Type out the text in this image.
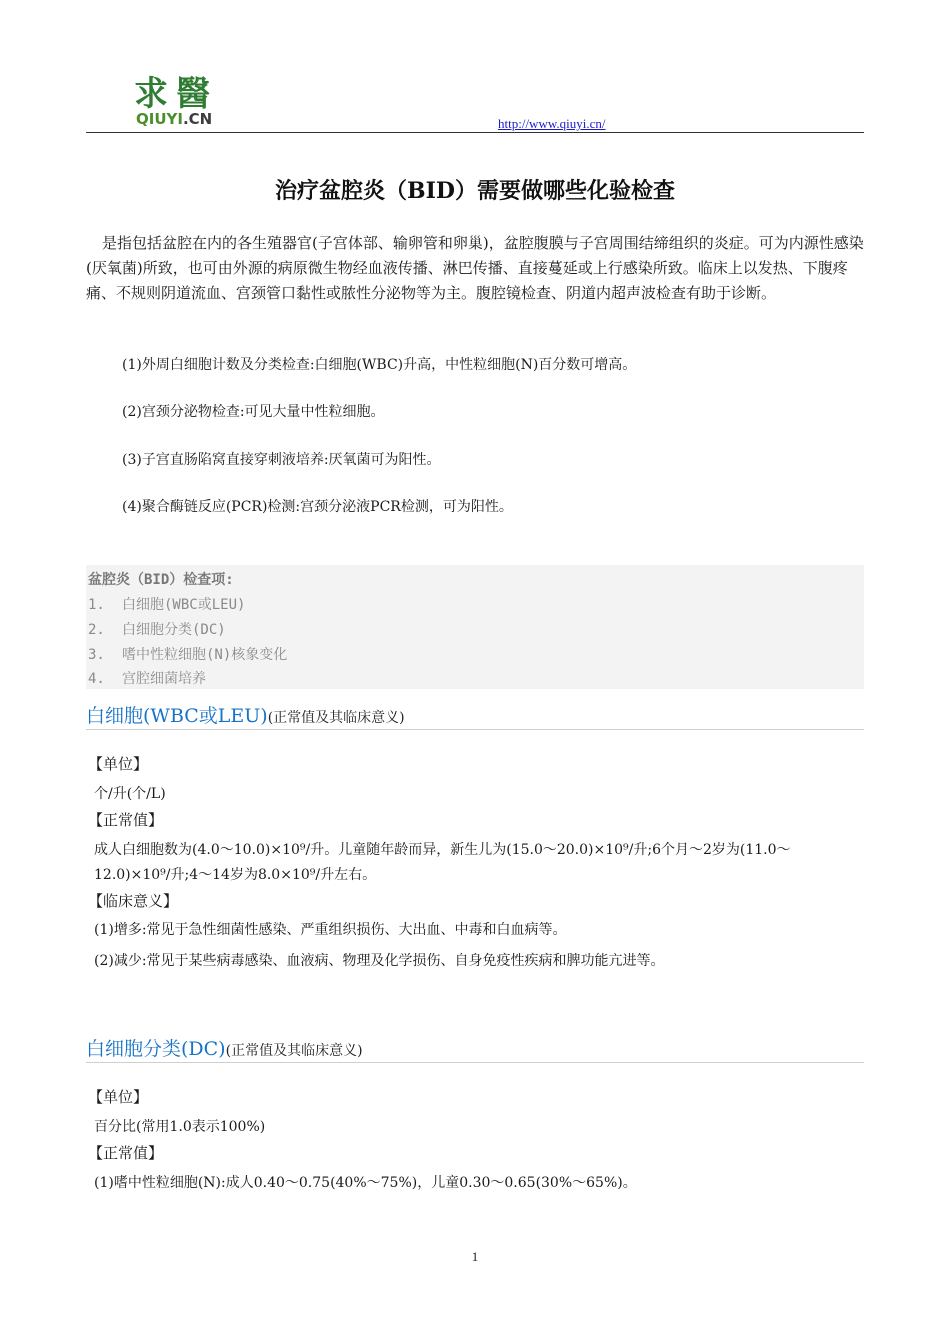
求醫
QIUYI.CN	http://www.qiuyi.cn/
治疗盆腔炎（BID）需要做哪些化验检查
是指包括盆腔在内的各生殖器官(子宫体部、输卵管和卵巢)，盆腔腹膜与子宫周围结缔组织的炎症。可为内源性感染(厌氧菌)所致，也可由外源的病原微生物经血液传播、淋巴传播、直接蔓延或上行感染所致。临床上以发热、下腹疼痛、不规则阴道流血、宫颈管口黏性或脓性分泌物等为主。腹腔镜检查、阴道内超声波检查有助于诊断。
(1)外周白细胞计数及分类检查:白细胞(WBC)升高，中性粒细胞(N)百分数可增高。
(2)宫颈分泌物检查:可见大量中性粒细胞。
(3)子宫直肠陷窝直接穿刺液培养:厌氧菌可为阳性。
(4)聚合酶链反应(PCR)检测:宫颈分泌液PCR检测，可为阳性。
盆腔炎（BID）检查项:
1. 白细胞(WBC或LEU)
2. 白细胞分类(DC)
3. 嗜中性粒细胞(N)核象变化
4. 宫腔细菌培养
白细胞(WBC或LEU)(正常值及其临床意义)
【单位】
个/升(个/L)
【正常值】
成人白细胞数为(4.0～10.0)×10⁹/升。儿童随年龄而异，新生儿为(15.0～20.0)×10⁹/升;6个月～2岁为(11.0～12.0)×10⁹/升;4～14岁为8.0×10⁹/升左右。
【临床意义】
(1)增多:常见于急性细菌性感染、严重组织损伤、大出血、中毒和白血病等。
(2)减少:常见于某些病毒感染、血液病、物理及化学损伤、自身免疫性疾病和脾功能亢进等。
白细胞分类(DC)(正常值及其临床意义)
【单位】
百分比(常用1.0表示100%)
【正常值】
(1)嗜中性粒细胞(N):成人0.40～0.75(40%～75%)，儿童0.30～0.65(30%～65%)。
1
